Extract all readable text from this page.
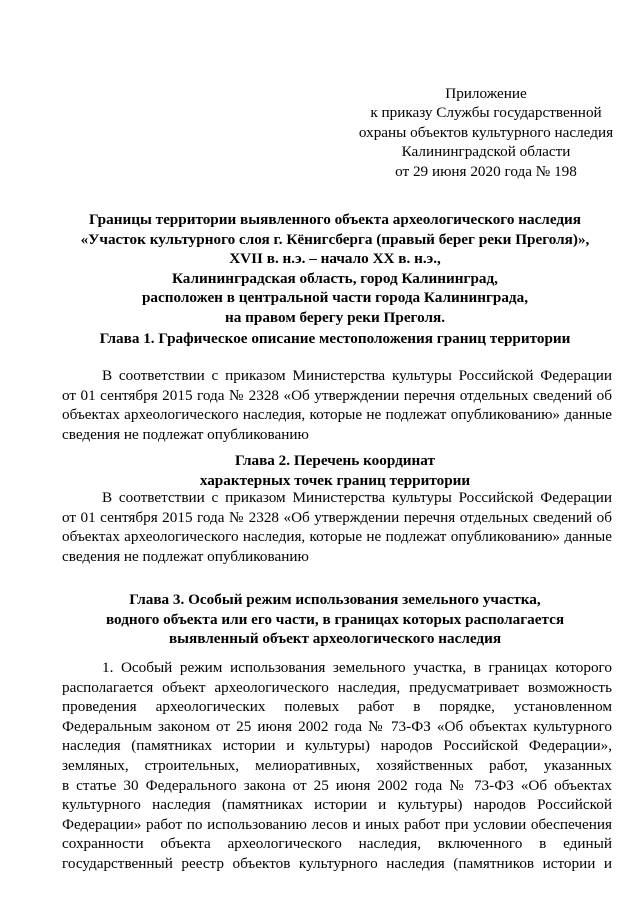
Приложение
к приказу Службы государственной
охраны объектов культурного наследия
Калининградской области
от 29 июня 2020 года № 198
Границы территории выявленного объекта археологического наследия
«Участок культурного слоя г. Кёнигсберга (правый берег реки Преголя)»,
XVII в. н.э. – начало XX в. н.э.,
Калининградская область, город Калининград,
расположен в центральной части города Калининграда,
на правом берегу реки Преголя.
Глава 1. Графическое описание местоположения границ территории
В соответствии с приказом Министерства культуры Российской Федерации
от 01 сентября 2015 года № 2328 «Об утверждении перечня отдельных сведений об
объектах археологического наследия, которые не подлежат опубликованию» данные
сведения не подлежат опубликованию
Глава 2. Перечень координат
характерных точек границ территории
В соответствии с приказом Министерства культуры Российской Федерации
от 01 сентября 2015 года № 2328 «Об утверждении перечня отдельных сведений об
объектах археологического наследия, которые не подлежат опубликованию» данные
сведения не подлежат опубликованию
Глава 3. Особый режим использования земельного участка,
водного объекта или его части, в границах которых располагается
выявленный объект археологического наследия
1. Особый режим использования земельного участка, в границах которого
располагается объект археологического наследия, предусматривает возможность
проведения археологических полевых работ в порядке, установленном
Федеральным законом от 25 июня 2002 года № 73-ФЗ «Об объектах культурного
наследия (памятниках истории и культуры) народов Российской Федерации»,
земляных, строительных, мелиоративных, хозяйственных работ, указанных
в статье 30 Федерального закона от 25 июня 2002 года № 73-ФЗ «Об объектах
культурного наследия (памятниках истории и культуры) народов Российской
Федерации» работ по использованию лесов и иных работ при условии обеспечения
сохранности объекта археологического наследия, включенного в единый
государственный реестр объектов культурного наследия (памятников истории и
